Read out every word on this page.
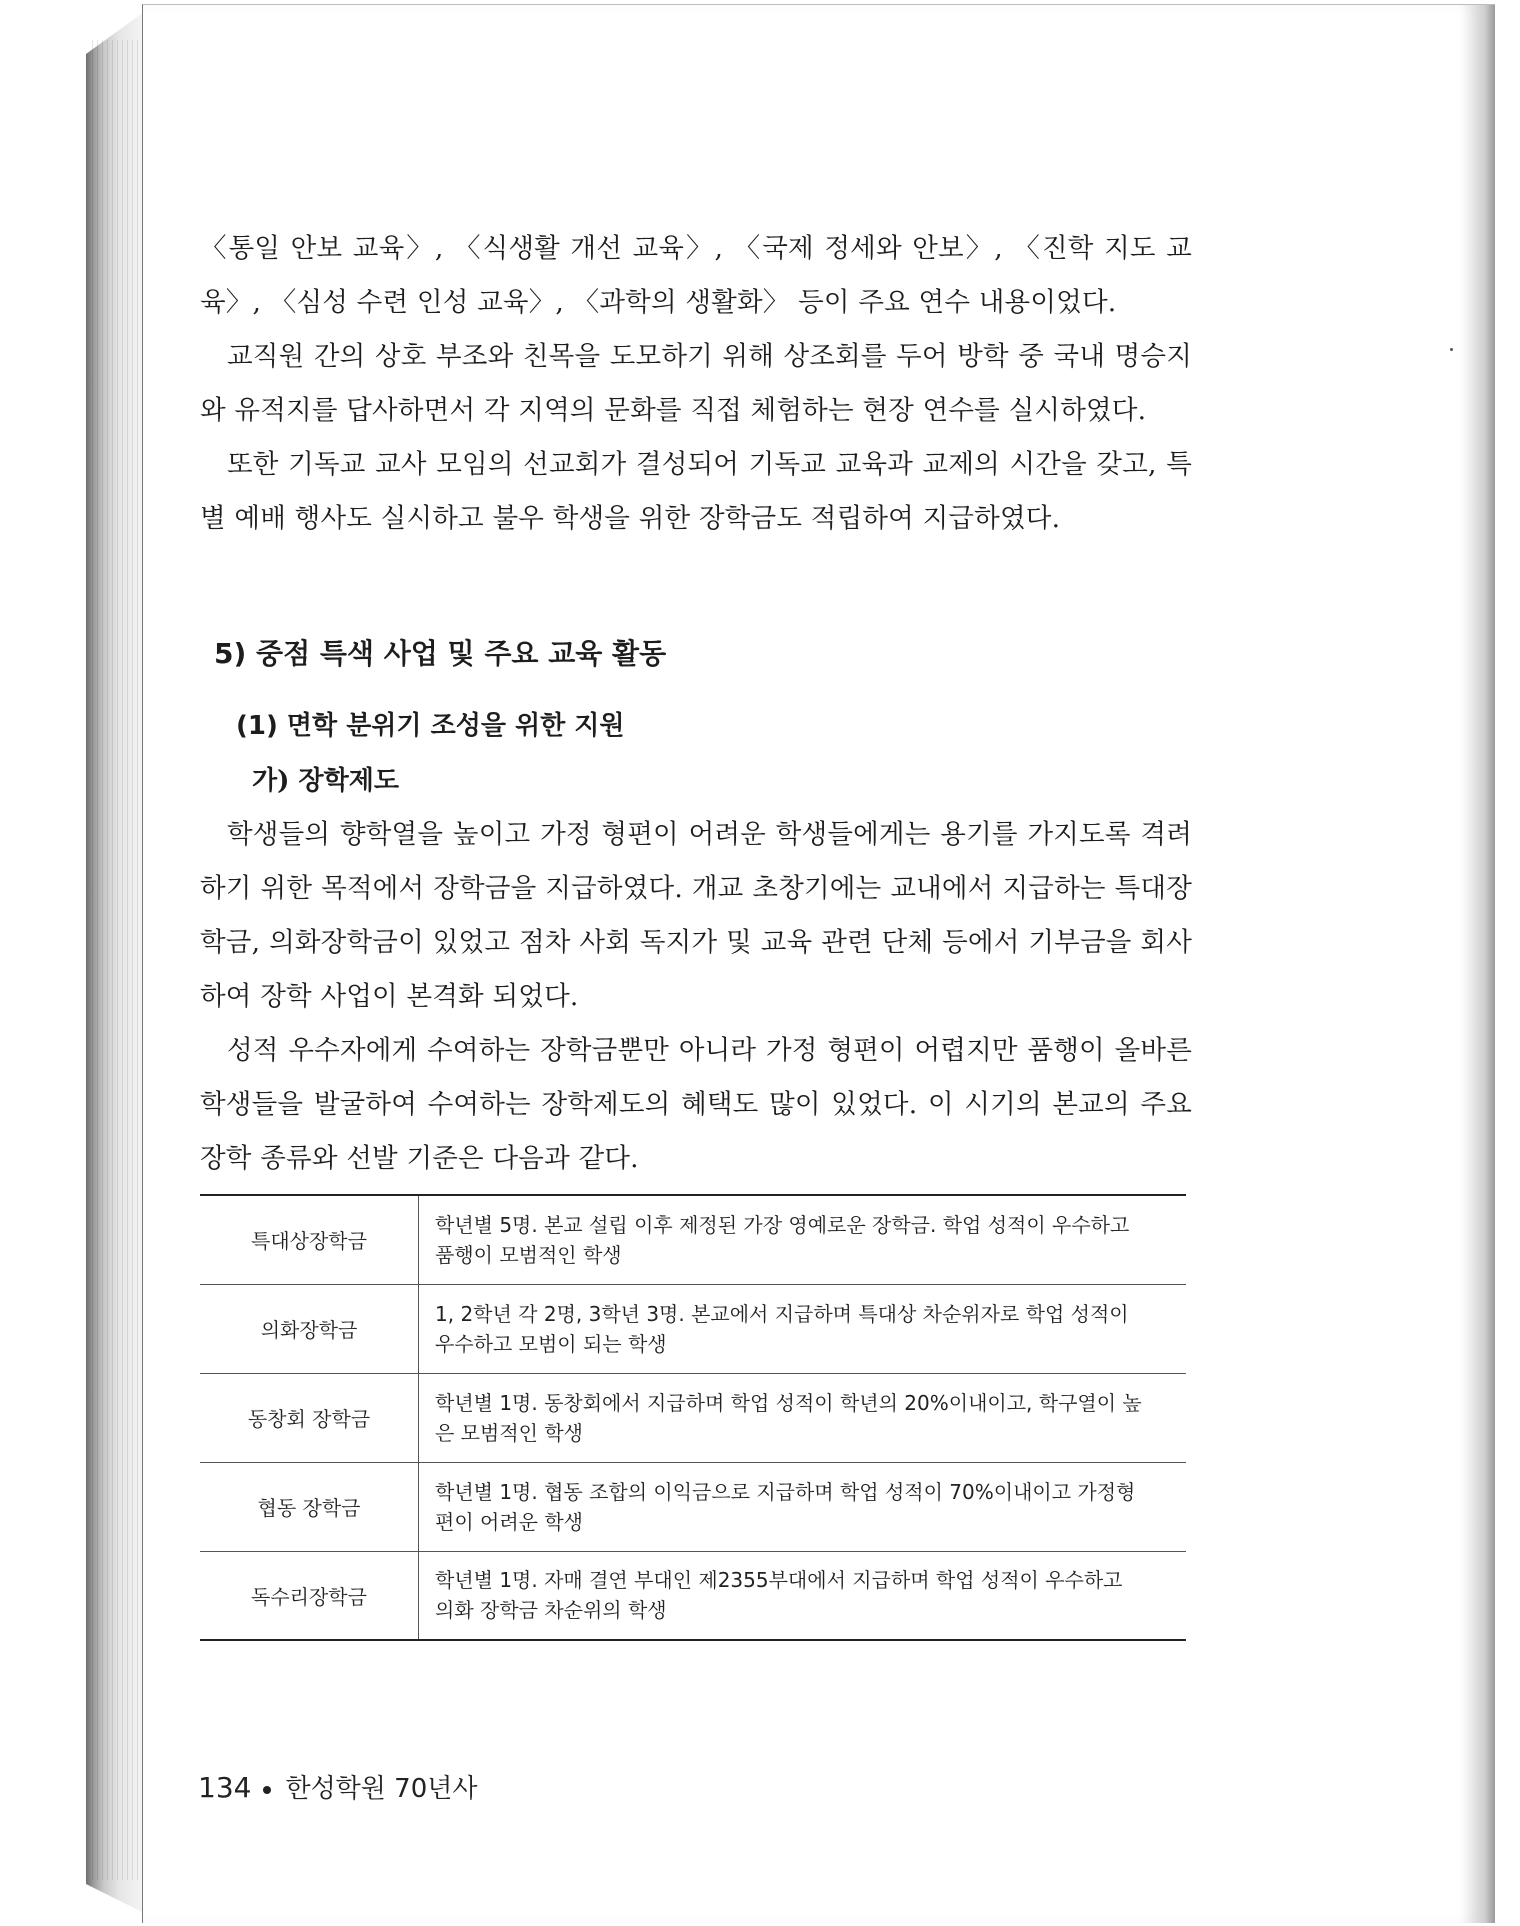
〈통일 안보 교육〉, 〈식생활 개선 교육〉, 〈국제 정세와 안보〉, 〈진학 지도 교육〉, 〈심성 수련 인성 교육〉, 〈과학의 생활화〉 등이 주요 연수 내용이었다.

교직원 간의 상호 부조와 친목을 도모하기 위해 상조회를 두어 방학 중 국내 명승지와 유적지를 답사하면서 각 지역의 문화를 직접 체험하는 현장 연수를 실시하였다.

또한 기독교 교사 모임의 선교회가 결성되어 기독교 교육과 교제의 시간을 갖고, 특별 예배 행사도 실시하고 불우 학생을 위한 장학금도 적립하여 지급하였다.

5) 중점 특색 사업 및 주요 교육 활동
(1) 면학 분위기 조성을 위한 지원
가) 장학제도

학생들의 향학열을 높이고 가정 형편이 어려운 학생들에게는 용기를 가지도록 격려하기 위한 목적에서 장학금을 지급하였다. 개교 초창기에는 교내에서 지급하는 특대장학금, 의화장학금이 있었고 점차 사회 독지가 및 교육 관련 단체 등에서 기부금을 회사하여 장학 사업이 본격화 되었다.

성적 우수자에게 수여하는 장학금뿐만 아니라 가정 형편이 어렵지만 품행이 올바른 학생들을 발굴하여 수여하는 장학제도의 혜택도 많이 있었다. 이 시기의 본교의 주요 장학 종류와 선발 기준은 다음과 같다.

특대상장학금	학년별 5명. 본교 설립 이후 제정된 가장 영예로운 장학금. 학업 성적이 우수하고
품행이 모범적인 학생

의화장학금	1, 2학년 각 2명, 3학년 3명. 본교에서 지급하며 특대상 차순위자로 학업 성적이
우수하고 모범이 되는 학생

동창회 장학금	학년별 1명. 동창회에서 지급하며 학업 성적이 학년의 20%이내이고, 학구열이 높
은 모범적인 학생

협동 장학금	학년별 1명. 협동 조합의 이익금으로 지급하며 학업 성적이 70%이내이고 가정형
편이 어려운 학생

독수리장학금	학년별 1명. 자매 결연 부대인 제2355부대에서 지급하며 학업 성적이 우수하고
의화 장학금 차순위의 학생
134 한성학원 70년사
